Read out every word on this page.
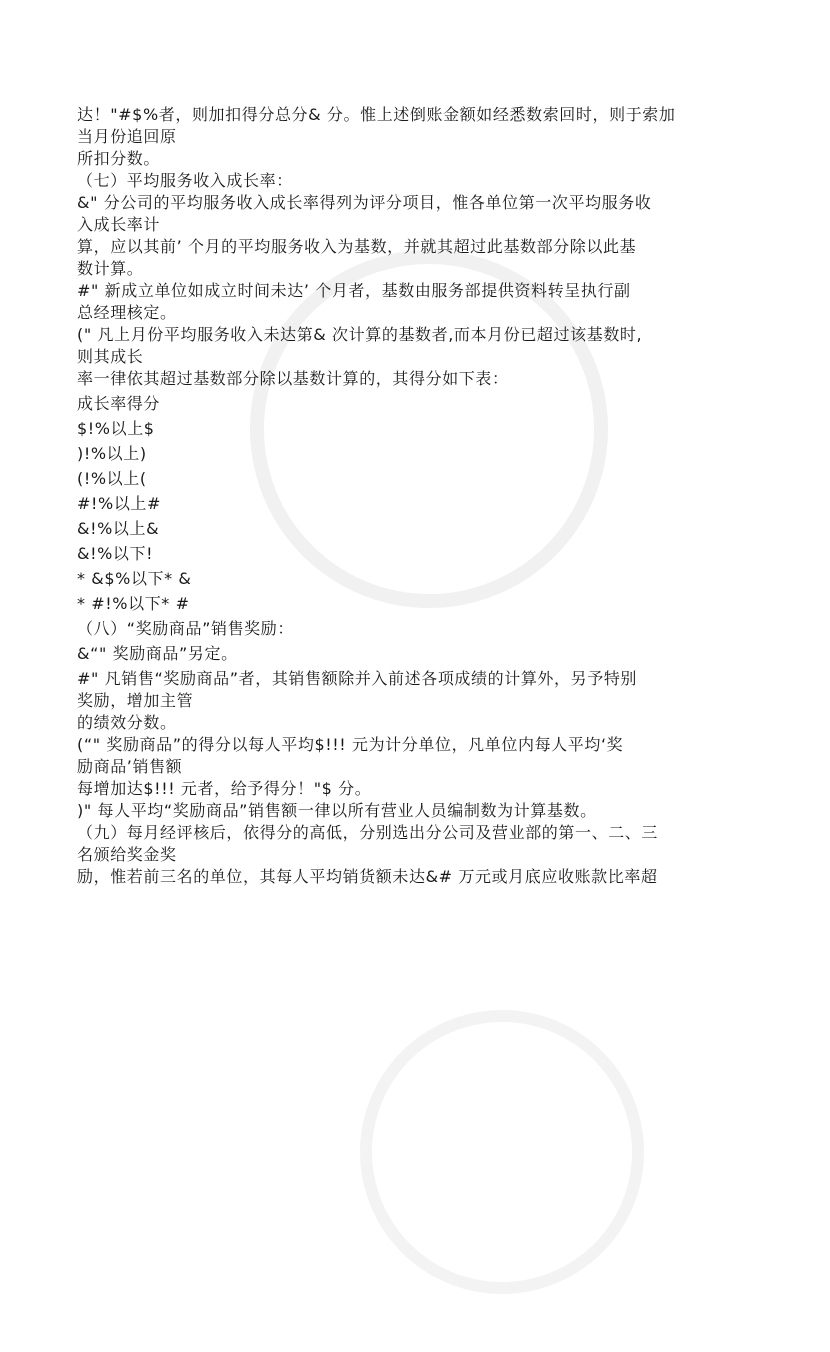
达！"#$%者，则加扣得分总分& 分。惟上述倒账金额如经悉数索回时，则于索加

当月份追回原

所扣分数。

（七）平均服务收入成长率：

&" 分公司的平均服务收入成长率得列为评分项目，惟各单位第一次平均服务收

入成长率计

算，应以其前’ 个月的平均服务收入为基数，并就其超过此基数部分除以此基

数计算。

#" 新成立单位如成立时间未达’ 个月者，基数由服务部提供资料转呈执行副

总经理核定。

(" 凡上月份平均服务收入未达第& 次计算的基数者,而本月份已超过该基数时,

则其成长

率一律依其超过基数部分除以基数计算的，其得分如下表：

成长率得分

$!%以上$

)!%以上)

(!%以上(

#!%以上#

&!%以上&

&!%以下!

* &$%以下* &

* #!%以下* #

（八）“奖励商品”销售奖励：

&“" 奖励商品”另定。

#" 凡销售“奖励商品”者，其销售额除并入前述各项成绩的计算外，另予特别

奖励，增加主管

的绩效分数。

(“" 奖励商品”的得分以每人平均$!!! 元为计分单位，凡单位内每人平均‘奖

励商品’销售额

每增加达$!!! 元者，给予得分！"$ 分。

)" 每人平均“奖励商品”销售额一律以所有营业人员编制数为计算基数。

（九）每月经评核后，依得分的高低，分别选出分公司及营业部的第一、二、三

名颁给奖金奖

励，惟若前三名的单位，其每人平均销货额未达&# 万元或月底应收账款比率超
